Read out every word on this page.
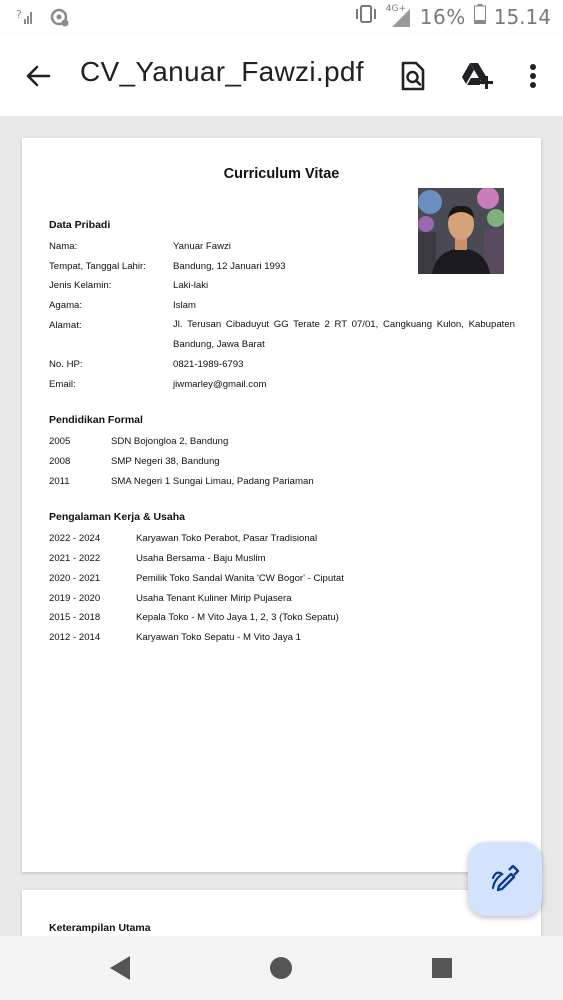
?	4G+ 16% 15.14
CV_Yanuar_Fawzi.pdf
Curriculum Vitae
Data Pribadi
Nama:	Yanuar Fawzi
Tempat, Tanggal Lahir:	Bandung, 12 Januari 1993
Jenis Kelamin:	Laki-laki
Agama:	Islam
Alamat:	Jl. Terusan Cibaduyut GG Terate 2 RT 07/01, Cangkuang Kulon, Kabupaten Bandung, Jawa Barat
No. HP:	0821-1989-6793
Email:	jiwmarley@gmail.com
Pendidikan Formal
2005	SDN Bojongloa 2, Bandung
2008	SMP Negeri 38, Bandung
2011	SMA Negeri 1 Sungai Limau, Padang Pariaman
Pengalaman Kerja & Usaha
2022 - 2024	Karyawan Toko Perabot, Pasar Tradisional
2021 - 2022	Usaha Bersama - Baju Muslim
2020 - 2021	Pemilik Toko Sandal Wanita 'CW Bogor' - Ciputat
2019 - 2020	Usaha Tenant Kuliner Mirip Pujasera
2015 - 2018	Kepala Toko - M Vito Jaya 1, 2, 3 (Toko Sepatu)
2012 - 2014	Karyawan Toko Sepatu - M Vito Jaya 1
Keterampilan Utama
